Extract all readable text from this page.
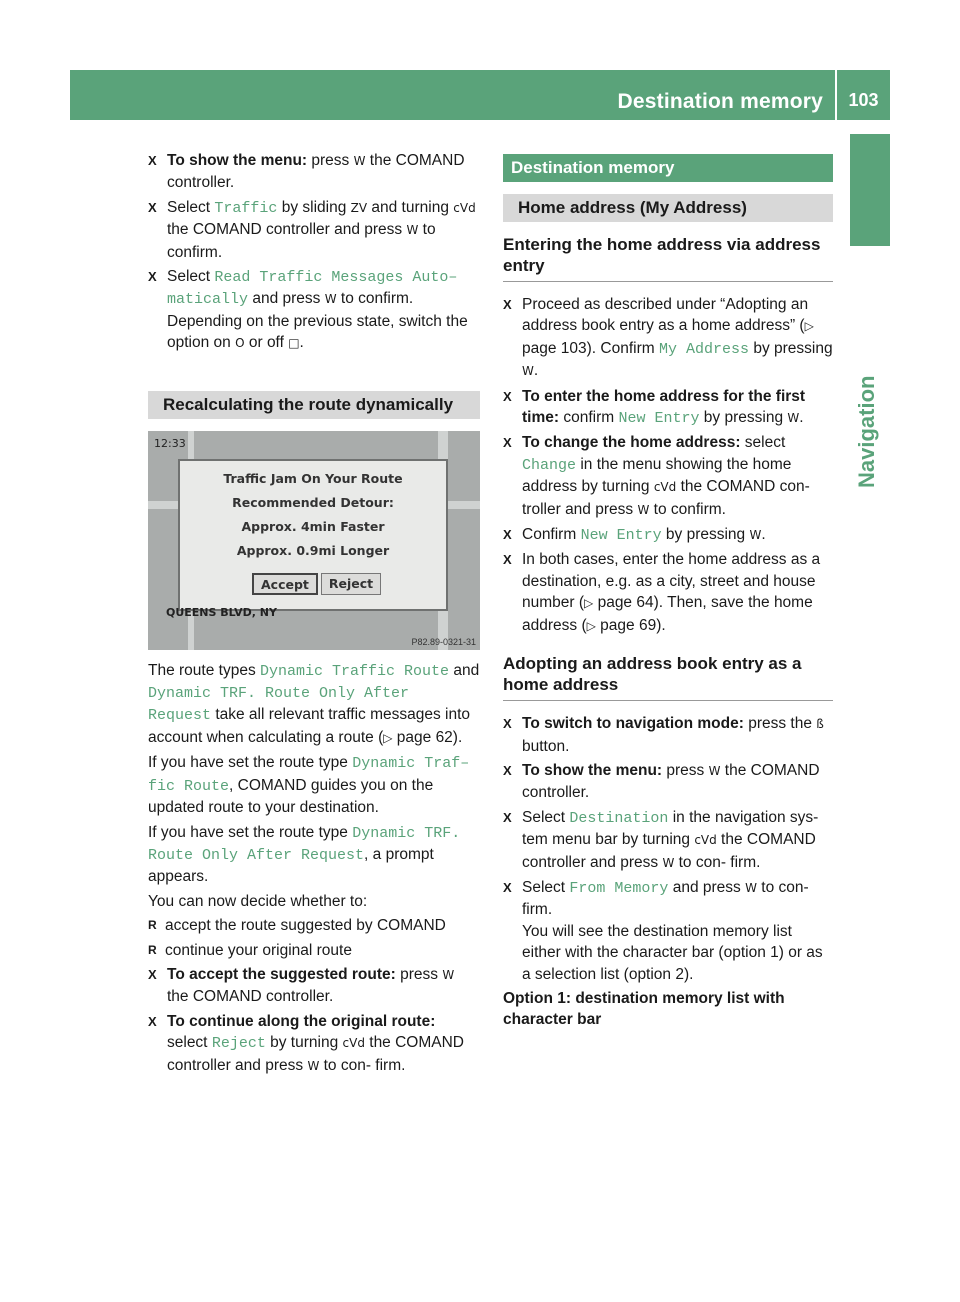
Destination memory	103
Navigation

X To show the menu: press W the COMAND controller.

X Select Traffic by sliding ZV and turning cVd the COMAND controller and press W to confirm.

X Select Read Traffic Messages Auto– matically and press W to confirm.
Depending on the previous state, switch the option on O or off □.

Recalculating the route dynamically
12:33
Traffic Jam On Your Route
Recommended Detour:
Approx. 4min Faster
Approx. 0.9mi Longer
Accept	Reject
QUEENS BLVD, NY
P82.89-0321-31

The route types Dynamic Traffic Route and Dynamic TRF. Route Only After Request take all relevant traffic messages into account when calculating a route (▷ page 62).

If you have set the route type Dynamic Traf– fic Route, COMAND guides you on the updated route to your destination.

If you have set the route type Dynamic TRF. Route Only After Request, a prompt appears.

You can now decide whether to:

R accept the route suggested by COMAND

R continue your original route

X To accept the suggested route: press W the COMAND controller.

X To continue along the original route: select Reject by turning cVd the COMAND controller and press W to con- firm.

Destination memory
Home address (My Address)
Entering the home address via address entry

X Proceed as described under “Adopting an address book entry as a home address” (▷ page 103). Confirm My Address by pressing W.

X To enter the home address for the first time: confirm New Entry by pressing W.

X To change the home address: select Change in the menu showing the home address by turning cVd the COMAND con- troller and press W to confirm.

X Confirm New Entry by pressing W.

X In both cases, enter the home address as a destination, e.g. as a city, street and house number (▷ page 64). Then, save the home address (▷ page 69).

Adopting an address book entry as a home address

X To switch to navigation mode: press the ß button.

X To show the menu: press W the COMAND controller.

X Select Destination in the navigation sys- tem menu bar by turning cVd the COMAND controller and press W to con- firm.

X Select From Memory and press W to con- firm.
You will see the destination memory list either with the character bar (option 1) or as a selection list (option 2).

Option 1: destination memory list with character bar
